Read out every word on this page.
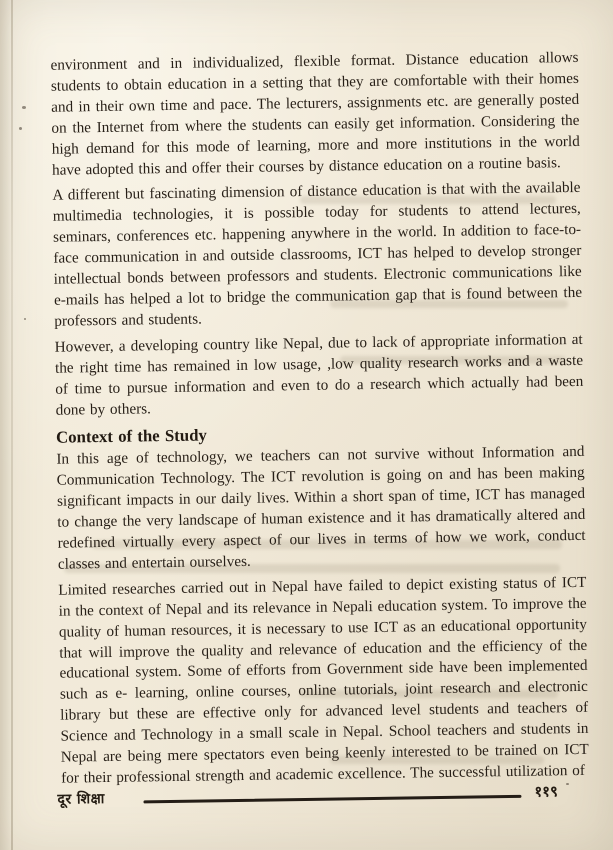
environment and in individualized, flexible format. Distance education allows students to obtain education in a setting that they are comfortable with their homes and in their own time and pace. The lecturers, assignments etc. are generally posted on the Internet from where the students can easily get information. Considering the high demand for this mode of learning, more and more institutions in the world have adopted this and offer their courses by distance education on a routine basis.

A different but fascinating dimension of distance education is that with the available multimedia technologies, it is possible today for students to attend lectures, seminars, conferences etc. happening anywhere in the world. In addition to face-to-face communication in and outside classrooms, ICT has helped to develop stronger intellectual bonds between professors and students. Electronic communications like e-mails has helped a lot to bridge the communication gap that is found between the professors and students.

However, a developing country like Nepal, due to lack of appropriate information at the right time has remained in low usage, ,low quality research works and a waste of time to pursue information and even to do a research which actually had been done by others.

Context of the Study

In this age of technology, we teachers can not survive without Information and Communication Technology. The ICT revolution is going on and has been making significant impacts in our daily lives. Within a short span of time, ICT has managed to change the very landscape of human existence and it has dramatically altered and redefined virtually every aspect of our lives in terms of how we work, conduct classes and entertain ourselves.

Limited researches carried out in Nepal have failed to depict existing status of ICT in the context of Nepal and its relevance in Nepali education system. To improve the quality of human resources, it is necessary to use ICT as an educational opportunity that will improve the quality and relevance of education and the efficiency of the educational system. Some of efforts from Government side have been implemented such as e- learning, online courses, online tutorials, joint research and electronic library but these are effective only for advanced level students and teachers of Science and Technology in a small scale in Nepal. School teachers and students in Nepal are being mere spectators even being keenly interested to be trained on ICT for their professional strength and academic excellence. The successful utilization of

दूर शिक्षा	११९
